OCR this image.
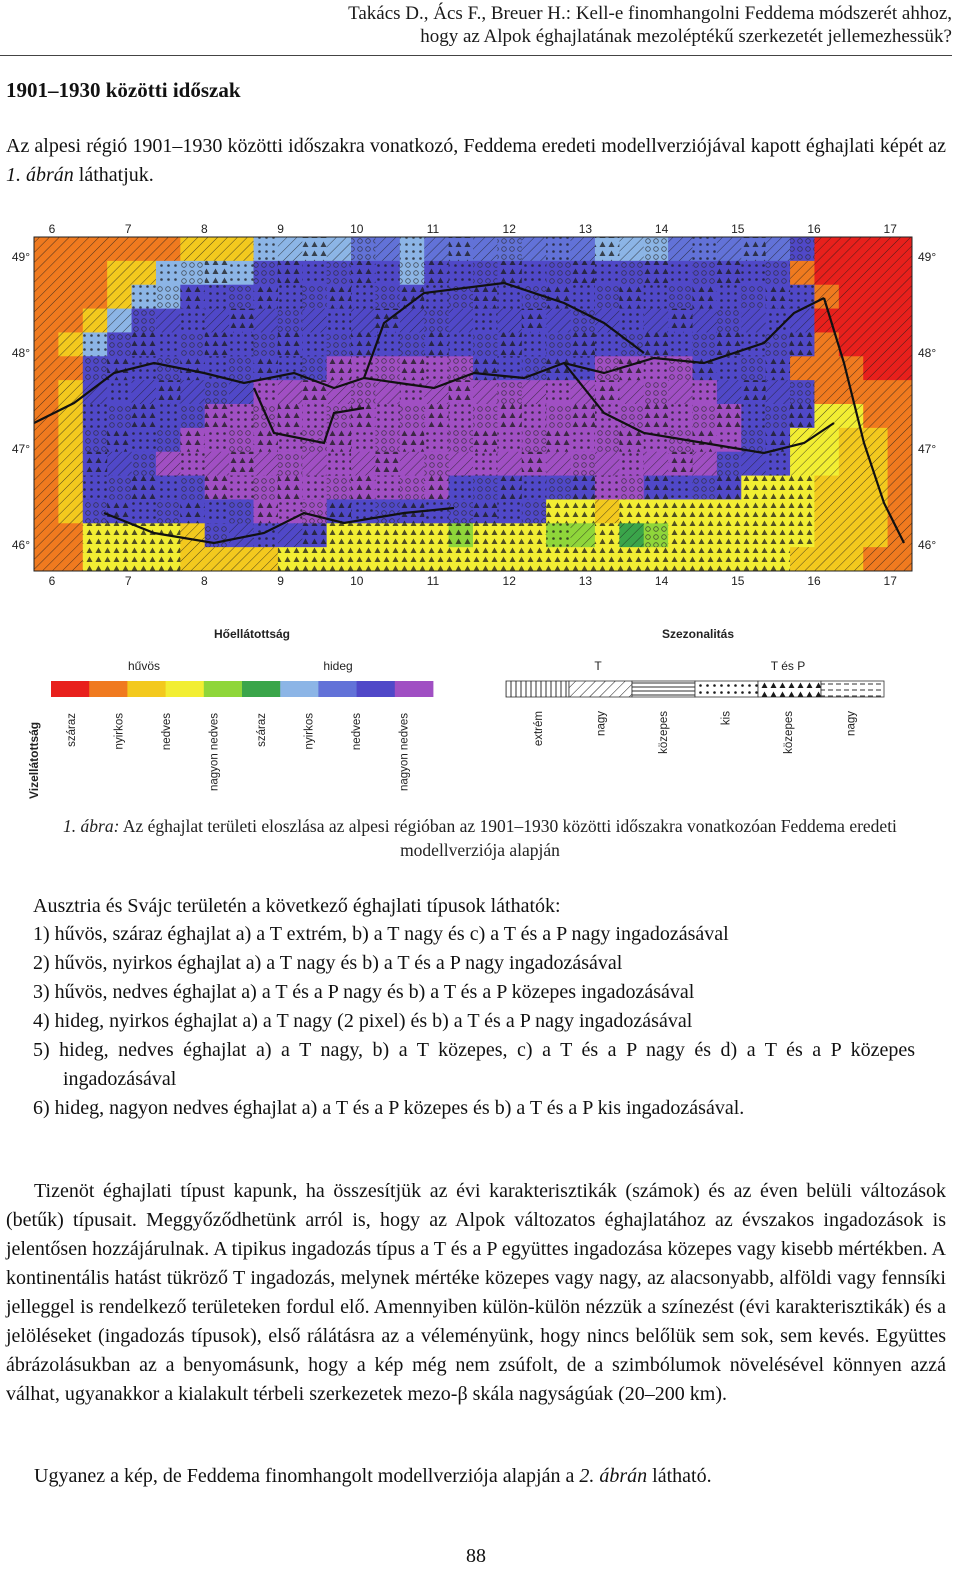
Takács D., Ács F., Breuer H.: Kell-e finomhangolni Feddema módszerét ahhoz,
hogy az Alpok éghajlatának mezoléptékű szerkezetét jellemezhessük?
1901–1930 közötti időszak
Az alpesi régió 1901–1930 közötti időszakra vonatkozó, Feddema eredeti modellverziójával kapott éghajlati képét az 1. ábrán láthatjuk.
6
6
7
7
8
8
9
9
10
10
11
11
12
12
13
13
14
14
15
15
16
16
17
17
49°	49°
48°	48°
47°	47°
46°	46°
Hőellátottság
hűvös	hideg
száraz	nyirkos	nedves	nagyon nedves	száraz	nyirkos	nedves	nagyon nedves
Vizellátottság
Szezonalitás
T	T és P
extrém	nagy	közepes	kis	közepes	nagy
1. ábra: Az éghajlat területi eloszlása az alpesi régióban az 1901–1930 közötti időszakra vonatkozóan Feddema eredeti modellverziója alapján
Ausztria és Svájc területén a következő éghajlati típusok láthatók:
1) hűvös, száraz éghajlat a) a T extrém, b) a T nagy és c) a T és a P nagy ingadozásával
2) hűvös, nyirkos éghajlat a) a T nagy és b) a T és a P nagy ingadozásával
3) hűvös, nedves éghajlat a) a T és a P nagy és b) a T és a P közepes ingadozásával
4) hideg, nyirkos éghajlat a) a T nagy (2 pixel) és b) a T és a P nagy ingadozásával
5) hideg, nedves éghajlat a) a T nagy, b) a T közepes, c) a T és a P nagy és d) a T és a P közepes ingadozásával
6) hideg, nagyon nedves éghajlat a) a T és a P közepes és b) a T és a P kis ingadozásával.
Tizenöt éghajlati típust kapunk, ha összesítjük az évi karakterisztikák (számok) és az éven belüli változások (betűk) típusait. Meggyőződhetünk arról is, hogy az Alpok változatos éghajlatához az évszakos ingadozások is jelentősen hozzájárulnak. A tipikus ingadozás típus a T és a P együttes ingadozása közepes vagy kisebb mértékben. A kontinentális hatást tükröző T ingadozás, melynek mértéke közepes vagy nagy, az alacsonyabb, alföldi vagy fennsíki jelleggel is rendelkező területeken fordul elő. Amennyiben külön-külön nézzük a színezést (évi karakterisztikák) és a jelöléseket (ingadozás típusok), első rálátásra az a véleményünk, hogy nincs belőlük sem sok, sem kevés. Együttes ábrázolásukban az a benyomásunk, hogy a kép még nem zsúfolt, de a szimbólumok növelésével könnyen azzá válhat, ugyanakkor a kialakult térbeli szerkezetek mezo-β skála nagyságúak (20–200 km).
Ugyanez a kép, de Feddema finomhangolt modellverziója alapján a 2. ábrán látható.
88
